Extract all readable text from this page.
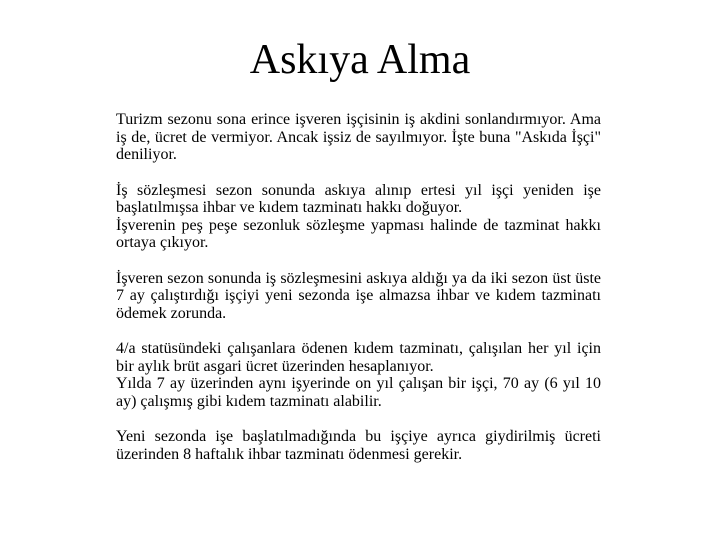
Askıya Alma

Turizm sezonu sona erince işveren işçisinin iş akdini sonlandırmıyor. Ama iş de, ücret de vermiyor. Ancak işsiz de sayılmıyor. İşte buna "Askıda İşçi" deniliyor.

İş sözleşmesi sezon sonunda askıya alınıp ertesi yıl işçi yeniden işe başlatılmışsa ihbar ve kıdem tazminatı hakkı doğuyor.

İşverenin peş peşe sezonluk sözleşme yapması halinde de tazminat hakkı ortaya çıkıyor.

İşveren sezon sonunda iş sözleşmesini askıya aldığı ya da iki sezon üst üste 7 ay çalıştırdığı işçiyi yeni sezonda işe almazsa ihbar ve kıdem tazminatı ödemek zorunda.

4/a statüsündeki çalışanlara ödenen kıdem tazminatı, çalışılan her yıl için bir aylık brüt asgari ücret üzerinden hesaplanıyor.

Yılda 7 ay üzerinden aynı işyerinde on yıl çalışan bir işçi, 70 ay (6 yıl 10 ay) çalışmış gibi kıdem tazminatı alabilir.

Yeni sezonda işe başlatılmadığında bu işçiye ayrıca giydirilmiş ücreti üzerinden 8 haftalık ihbar tazminatı ödenmesi gerekir.
